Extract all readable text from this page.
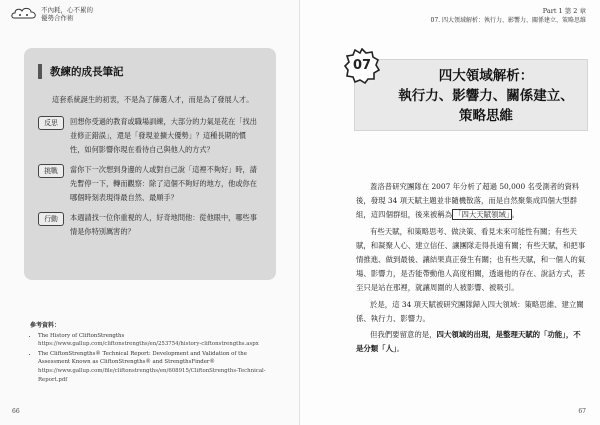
不內耗，心不累的
優勢合作術
教練的成長筆記
這套系統誕生的初衷，不是為了篩選人才，而是為了發展人才。
反思	回想你受過的教育或職場訓練，大部分的力氣是花在「找出並修正錯誤」，還是「發現並擴大優勢」？這種長期的慣性，如何影響你現在看待自己與他人的方式？
挑戰	當你下一次想到身邊的人或對自己說「這裡不夠好」時，請先暫停一下，轉而觀察：除了這個不夠好的地方，他或你在哪個時刻表現得最自然、最順手？
行動	本週請找一位你重視的人，好奇地問他：從他眼中，哪些事情是你特別厲害的？
參考資料：
• The History of CliftonStrengths
https://www.gallup.com/cliftonstrengths/en/253754/history-cliftonstrengths.aspx
• The CliftonStrengths® Technical Report: Development and Validation of the Assessment Known as CliftonStrengths® and StrengthsFinder®
https://www.gallup.com/file/cliftonstrengths/en/608915/CliftonStrengths-Technical-Report.pdf
66
Part 1 第 2 章
07. 四大領域解析：執行力、影響力、關係建立、策略思維
07
四大領域解析：
執行力、影響力、關係建立、
策略思維

蓋洛普研究團隊在 2007 年分析了超過 50,000 名受測者的資料後，發現 34 項天賦主題並非隨機散落，而是自然聚集成四個大型群組，這四個群組，後來被稱為 「四大天賦領域」 。

有些天賦，和策略思考、做決策、看見未來可能性有關；有些天賦，和凝聚人心、建立信任、讓團隊走得長遠有關；有些天賦，和把事情推進、做到最後、讓結果真正發生有關；也有些天賦，和一個人的氣場、影響力，是否能帶動他人高度相關，透過他的存在、說話方式，甚至只是站在那裡，就讓周圍的人被影響、被吸引。

於是，這 34 項天賦被研究團隊歸入四大領域：策略思維、建立關係、執行力、影響力。

但我們要留意的是，四大領域的出現，是整理天賦的「功能」，不是分類「人」。

67
